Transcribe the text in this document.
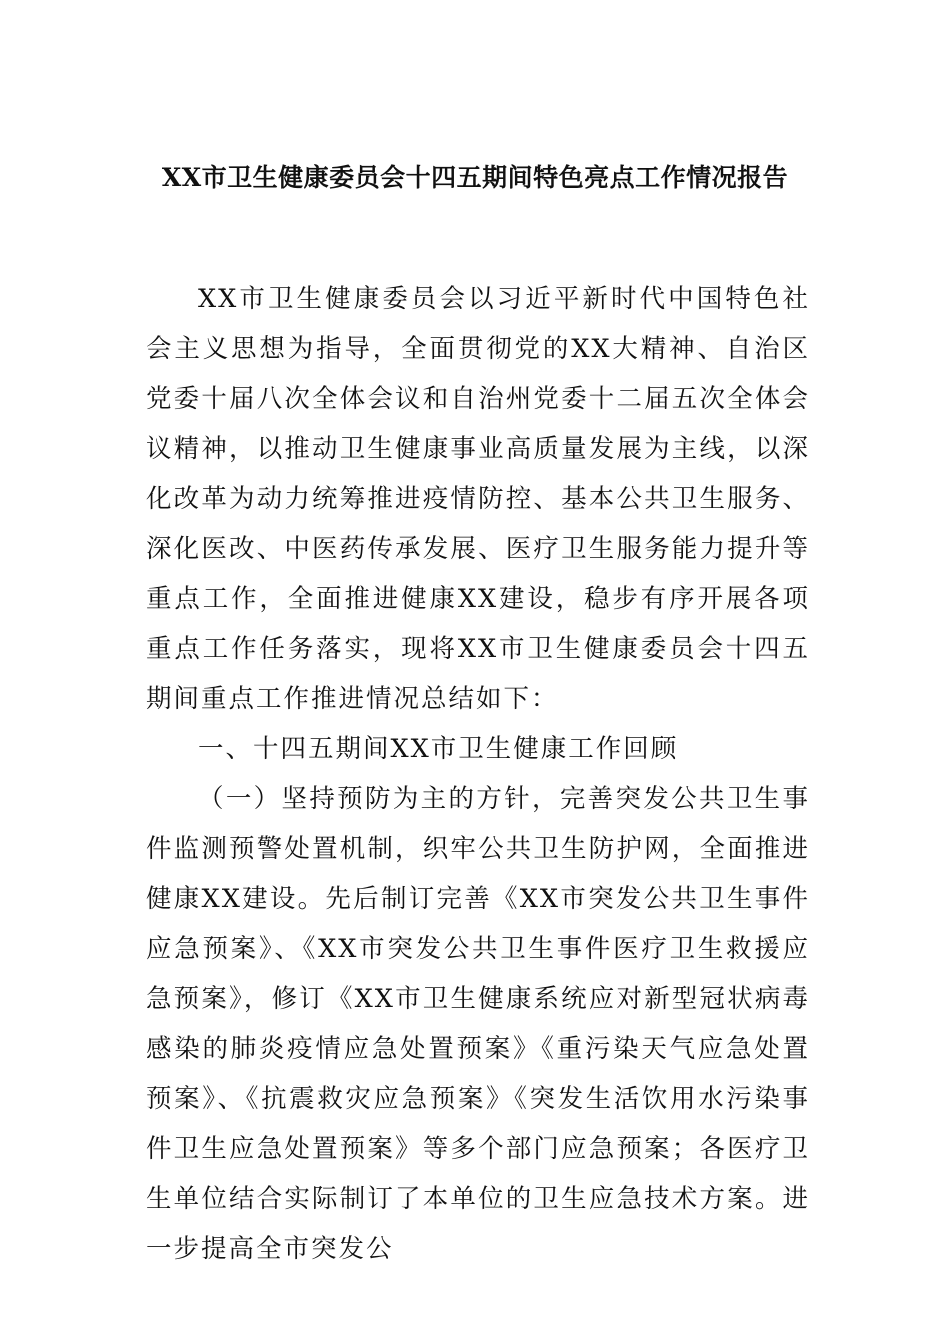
XX市卫生健康委员会十四五期间特色亮点工作情况报告

XX市卫生健康委员会以习近平新时代中国特色社会主义思想为指导，全面贯彻党的XX大精神、自治区党委十届八次全体会议和自治州党委十二届五次全体会议精神，以推动卫生健康事业高质量发展为主线，以深化改革为动力统筹推进疫情防控、基本公共卫生服务、深化医改、中医药传承发展、医疗卫生服务能力提升等重点工作，全面推进健康XX建设，稳步有序开展各项重点工作任务落实，现将XX市卫生健康委员会十四五期间重点工作推进情况总结如下：

一、十四五期间XX市卫生健康工作回顾

（一）坚持预防为主的方针，完善突发公共卫生事件监测预警处置机制，织牢公共卫生防护网，全面推进健康XX建设。先后制订完善《XX市突发公共卫生事件应急预案》、《XX市突发公共卫生事件医疗卫生救援应急预案》，修订《XX市卫生健康系统应对新型冠状病毒感染的肺炎疫情应急处置预案》《重污染天气应急处置预案》、《抗震救灾应急预案》《突发生活饮用水污染事件卫生应急处置预案》等多个部门应急预案；各医疗卫生单位结合实际制订了本单位的卫生应急技术方案。进一步提高全市突发公
